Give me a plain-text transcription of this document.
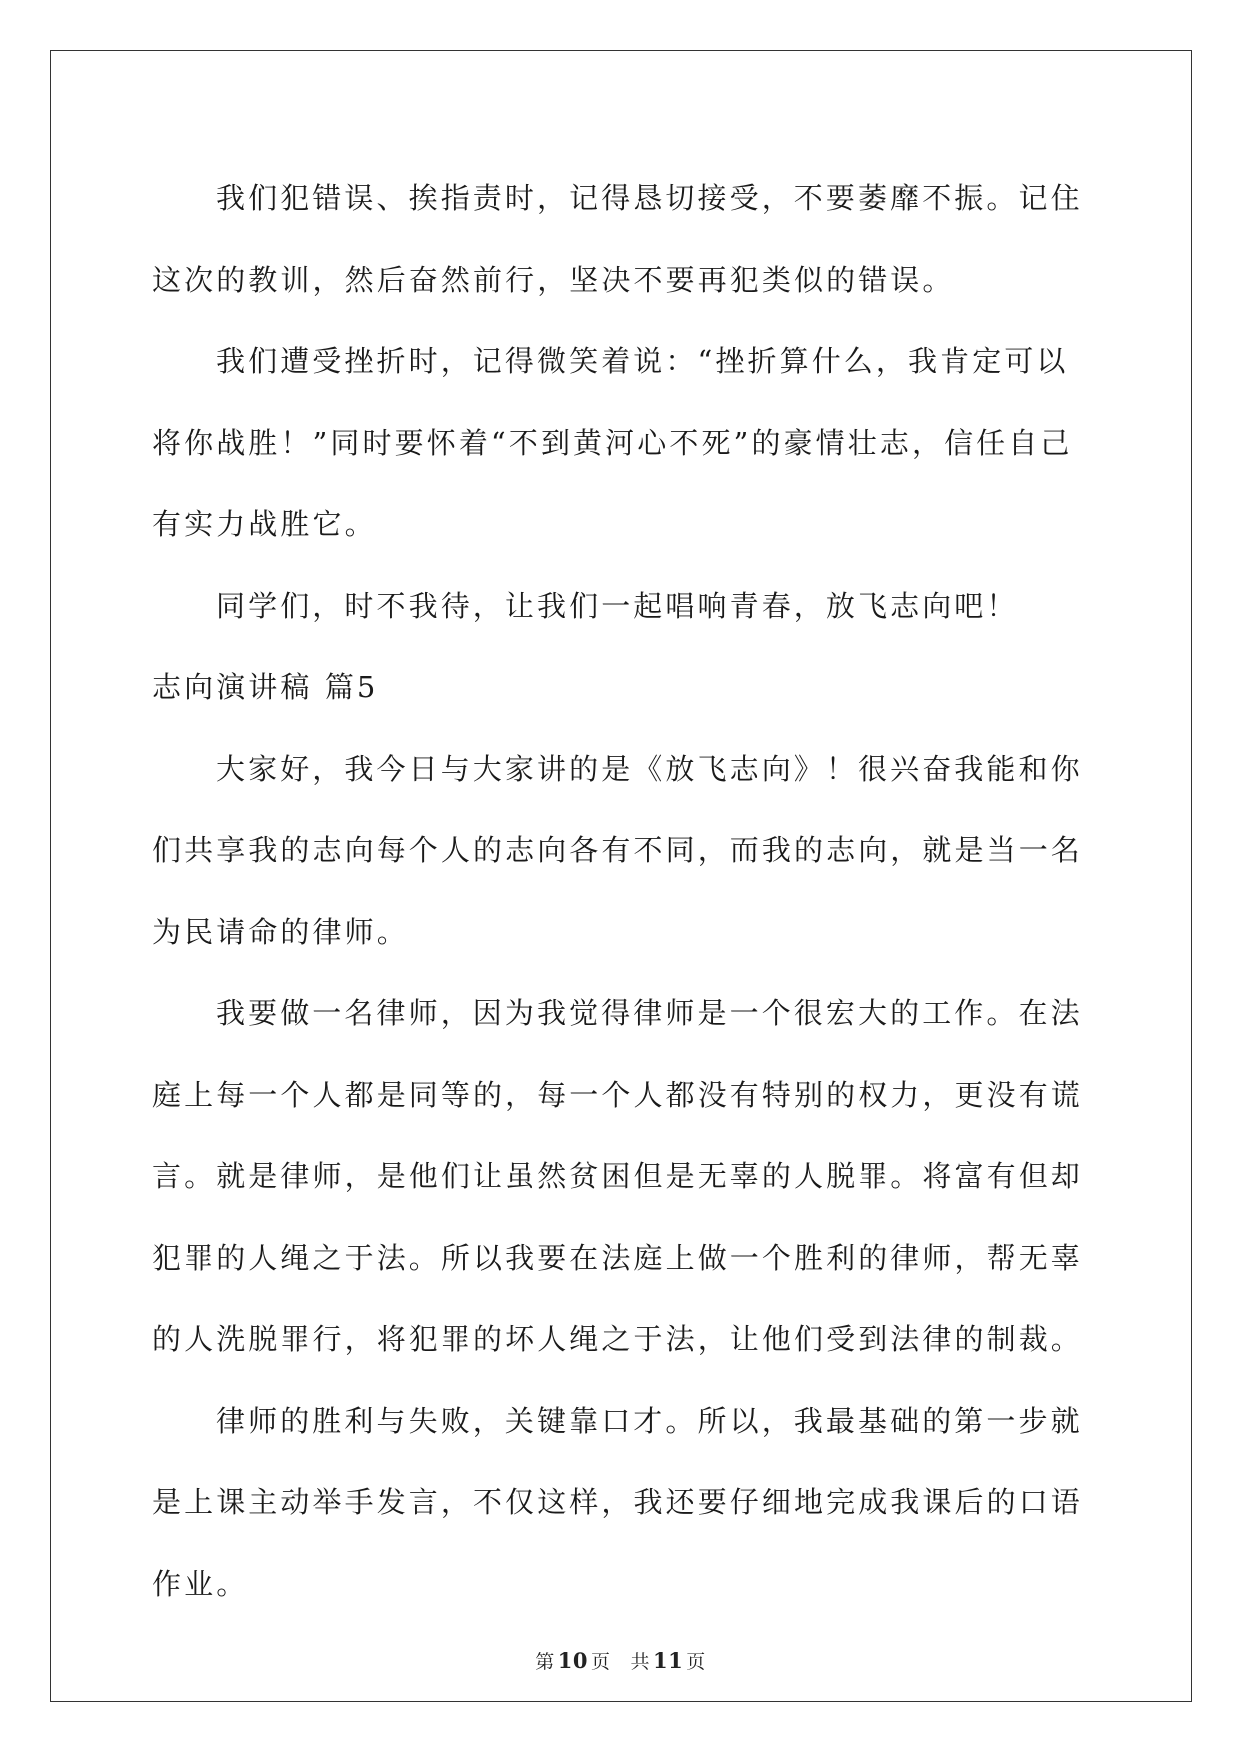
我们犯错误、挨指责时，记得恳切接受，不要萎靡不振。记住这次的教训，然后奋然前行，坚决不要再犯类似的错误。

我们遭受挫折时，记得微笑着说：“挫折算什么，我肯定可以将你战胜！”同时要怀着“不到黄河心不死”的豪情壮志，信任自己有实力战胜它。

同学们，时不我待，让我们一起唱响青春，放飞志向吧！

志向演讲稿 篇5

大家好，我今日与大家讲的是《放飞志向》！很兴奋我能和你们共享我的志向每个人的志向各有不同，而我的志向，就是当一名为民请命的律师。

我要做一名律师，因为我觉得律师是一个很宏大的工作。在法庭上每一个人都是同等的，每一个人都没有特别的权力，更没有谎言。就是律师，是他们让虽然贫困但是无辜的人脱罪。将富有但却犯罪的人绳之于法。所以我要在法庭上做一个胜利的律师，帮无辜的人洗脱罪行，将犯罪的坏人绳之于法，让他们受到法律的制裁。

律师的胜利与失败，关键靠口才。所以，我最基础的第一步就是上课主动举手发言，不仅这样，我还要仔细地完成我课后的口语作业。

第 10 页 共 11 页
